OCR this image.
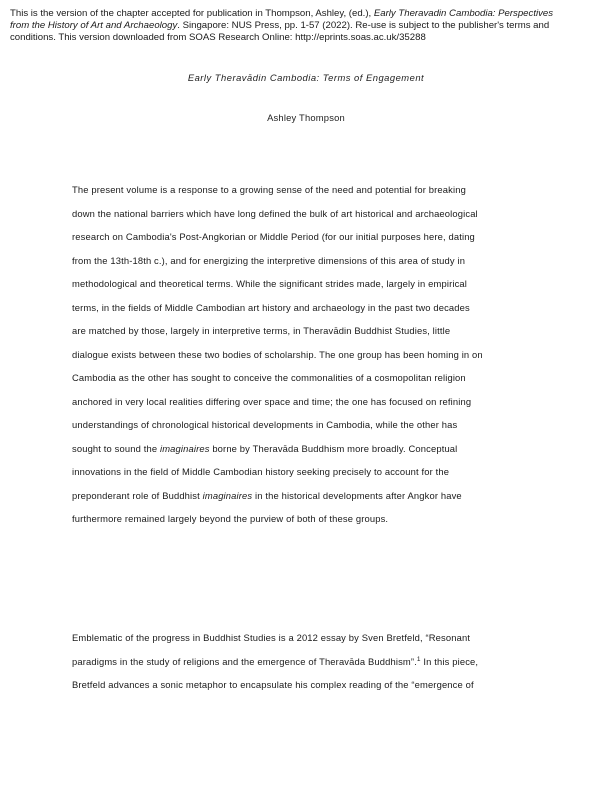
This is the version of the chapter accepted for publication in Thompson, Ashley, (ed.), Early Theravadin Cambodia: Perspectives
from the History of Art and Archaeology. Singapore: NUS Press, pp. 1-57 (2022). Re-use is subject to the publisher's terms and
conditions. This version downloaded from SOAS Research Online: http://eprints.soas.ac.uk/35288
Early Theravādin Cambodia: Terms of Engagement
Ashley Thompson
The present volume is a response to a growing sense of the need and potential for breaking
down the national barriers which have long defined the bulk of art historical and archaeological
research on Cambodia's Post-Angkorian or Middle Period (for our initial purposes here, dating
from the 13th-18th c.), and for energizing the interpretive dimensions of this area of study in
methodological and theoretical terms. While the significant strides made, largely in empirical
terms, in the fields of Middle Cambodian art history and archaeology in the past two decades
are matched by those, largely in interpretive terms, in Theravādin Buddhist Studies, little
dialogue exists between these two bodies of scholarship. The one group has been homing in on
Cambodia as the other has sought to conceive the commonalities of a cosmopolitan religion
anchored in very local realities differing over space and time; the one has focused on refining
understandings of chronological historical developments in Cambodia, while the other has
sought to sound the imaginaires borne by Theravāda Buddhism more broadly. Conceptual
innovations in the field of Middle Cambodian history seeking precisely to account for the
preponderant role of Buddhist imaginaires in the historical developments after Angkor have
furthermore remained largely beyond the purview of both of these groups.
Emblematic of the progress in Buddhist Studies is a 2012 essay by Sven Bretfeld, “Resonant
paradigms in the study of religions and the emergence of Theravāda Buddhism”.$^1$ In this piece,
Bretfeld advances a sonic metaphor to encapsulate his complex reading of the “emergence of
